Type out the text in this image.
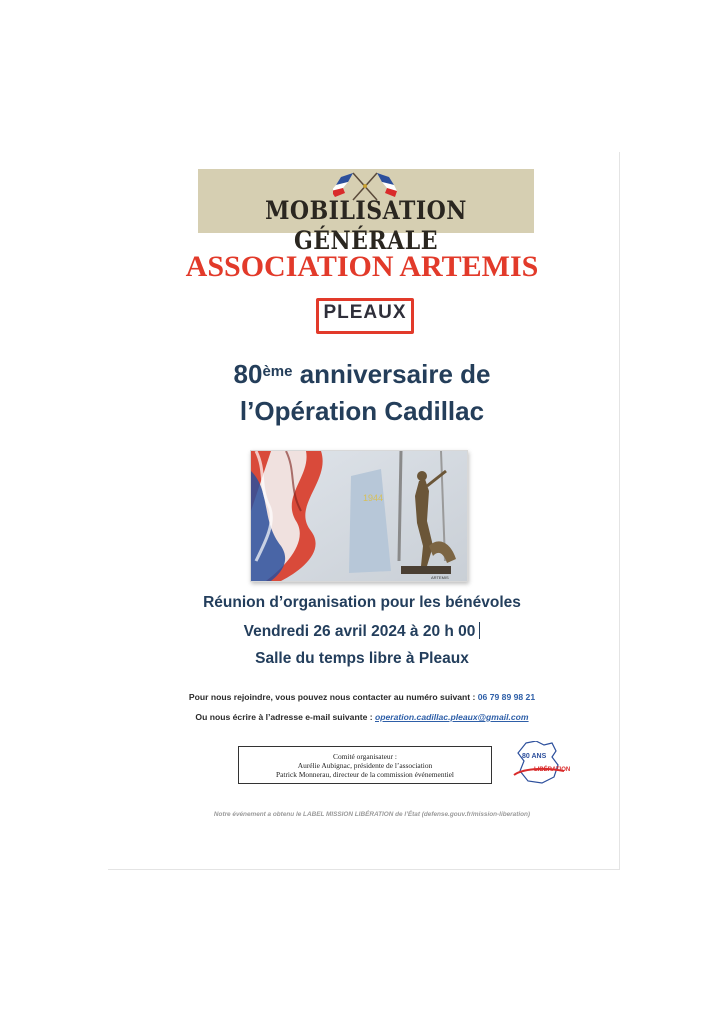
MOBILISATION GÉNÉRALE
ASSOCIATION ARTEMIS
PLEAUX
80ème anniversaire de
l’Opération Cadillac
1944
ARTEMIS
Réunion d’organisation pour les bénévoles
Vendredi 26 avril 2024 à 20 h 00
Salle du temps libre à Pleaux
Pour nous rejoindre, vous pouvez nous contacter au numéro suivant : 06 79 89 98 21
Ou nous écrire à l’adresse e-mail suivante : operation.cadillac.pleaux@gmail.com
Comité organisateur :
Aurélie Aubignac, présidente de l’association
Patrick Monnerau, directeur de la commission événementiel
80 ANS
LIBÉRATION
Notre événement a obtenu le LABEL MISSION LIBÉRATION de l’État (defense.gouv.fr/mission-liberation)
